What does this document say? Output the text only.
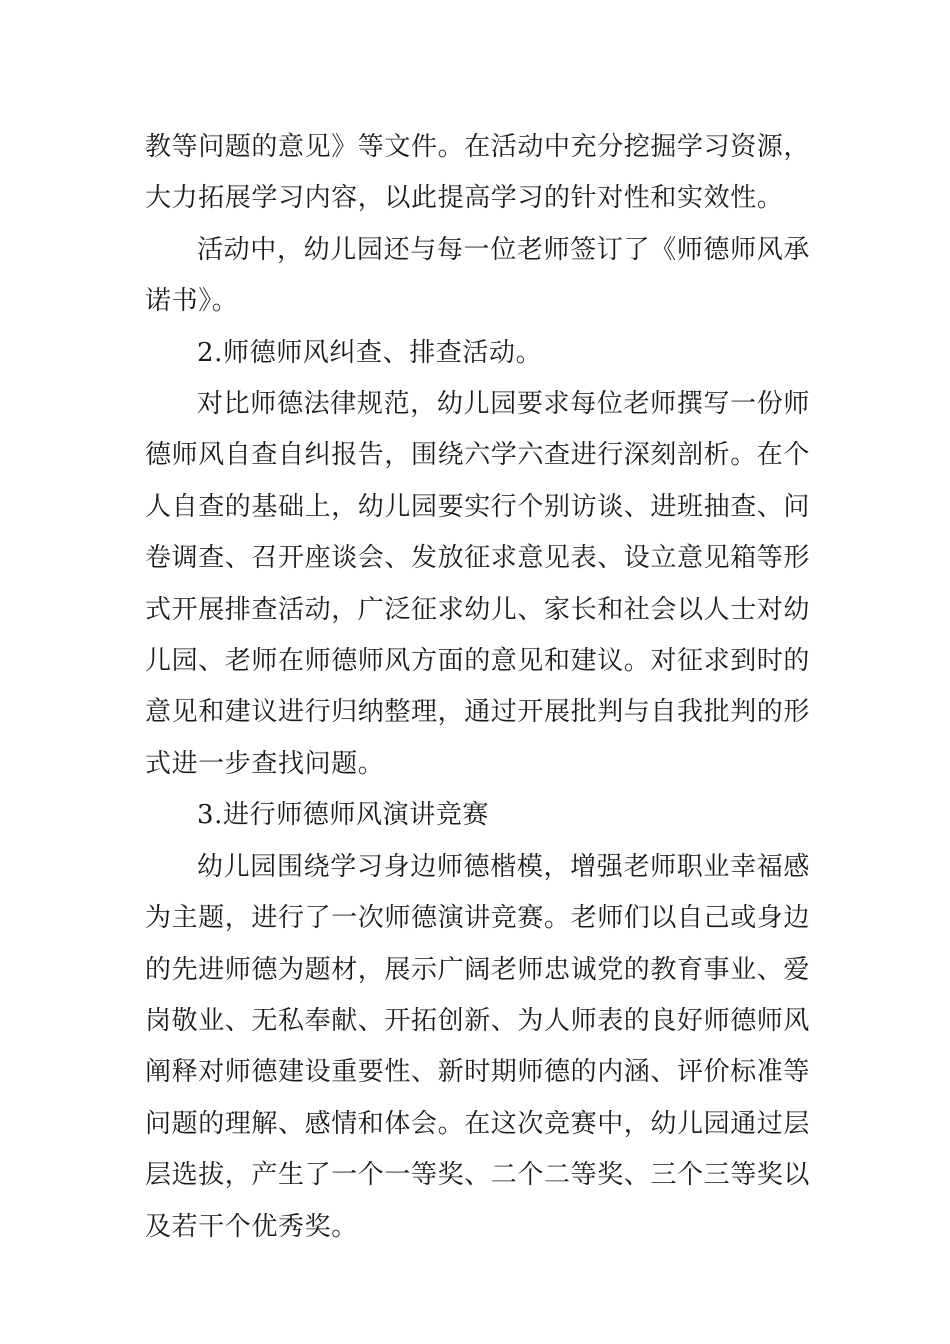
教等问题的意见》等文件。在活动中充分挖掘学习资源，大力拓展学习内容，以此提高学习的针对性和实效性。

活动中，幼儿园还与每一位老师签订了《师德师风承诺书》。

2.师德师风纠查、排查活动。

对比师德法律规范，幼儿园要求每位老师撰写一份师德师风自查自纠报告，围绕六学六查进行深刻剖析。在个人自查的基础上，幼儿园要实行个别访谈、进班抽查、问卷调查、召开座谈会、发放征求意见表、设立意见箱等形式开展排查活动，广泛征求幼儿、家长和社会以人士对幼儿园、老师在师德师风方面的意见和建议。对征求到时的意见和建议进行归纳整理，通过开展批判与自我批判的形式进一步查找问题。

3.进行师德师风演讲竞赛

幼儿园围绕学习身边师德楷模，增强老师职业幸福感为主题，进行了一次师德演讲竞赛。老师们以自己或身边的先进师德为题材，展示广阔老师忠诚党的教育事业、爱岗敬业、无私奉献、开拓创新、为人师表的良好师德师风阐释对师德建设重要性、新时期师德的内涵、评价标准等问题的理解、感情和体会。在这次竞赛中，幼儿园通过层层选拔，产生了一个一等奖、二个二等奖、三个三等奖以及若干个优秀奖。
